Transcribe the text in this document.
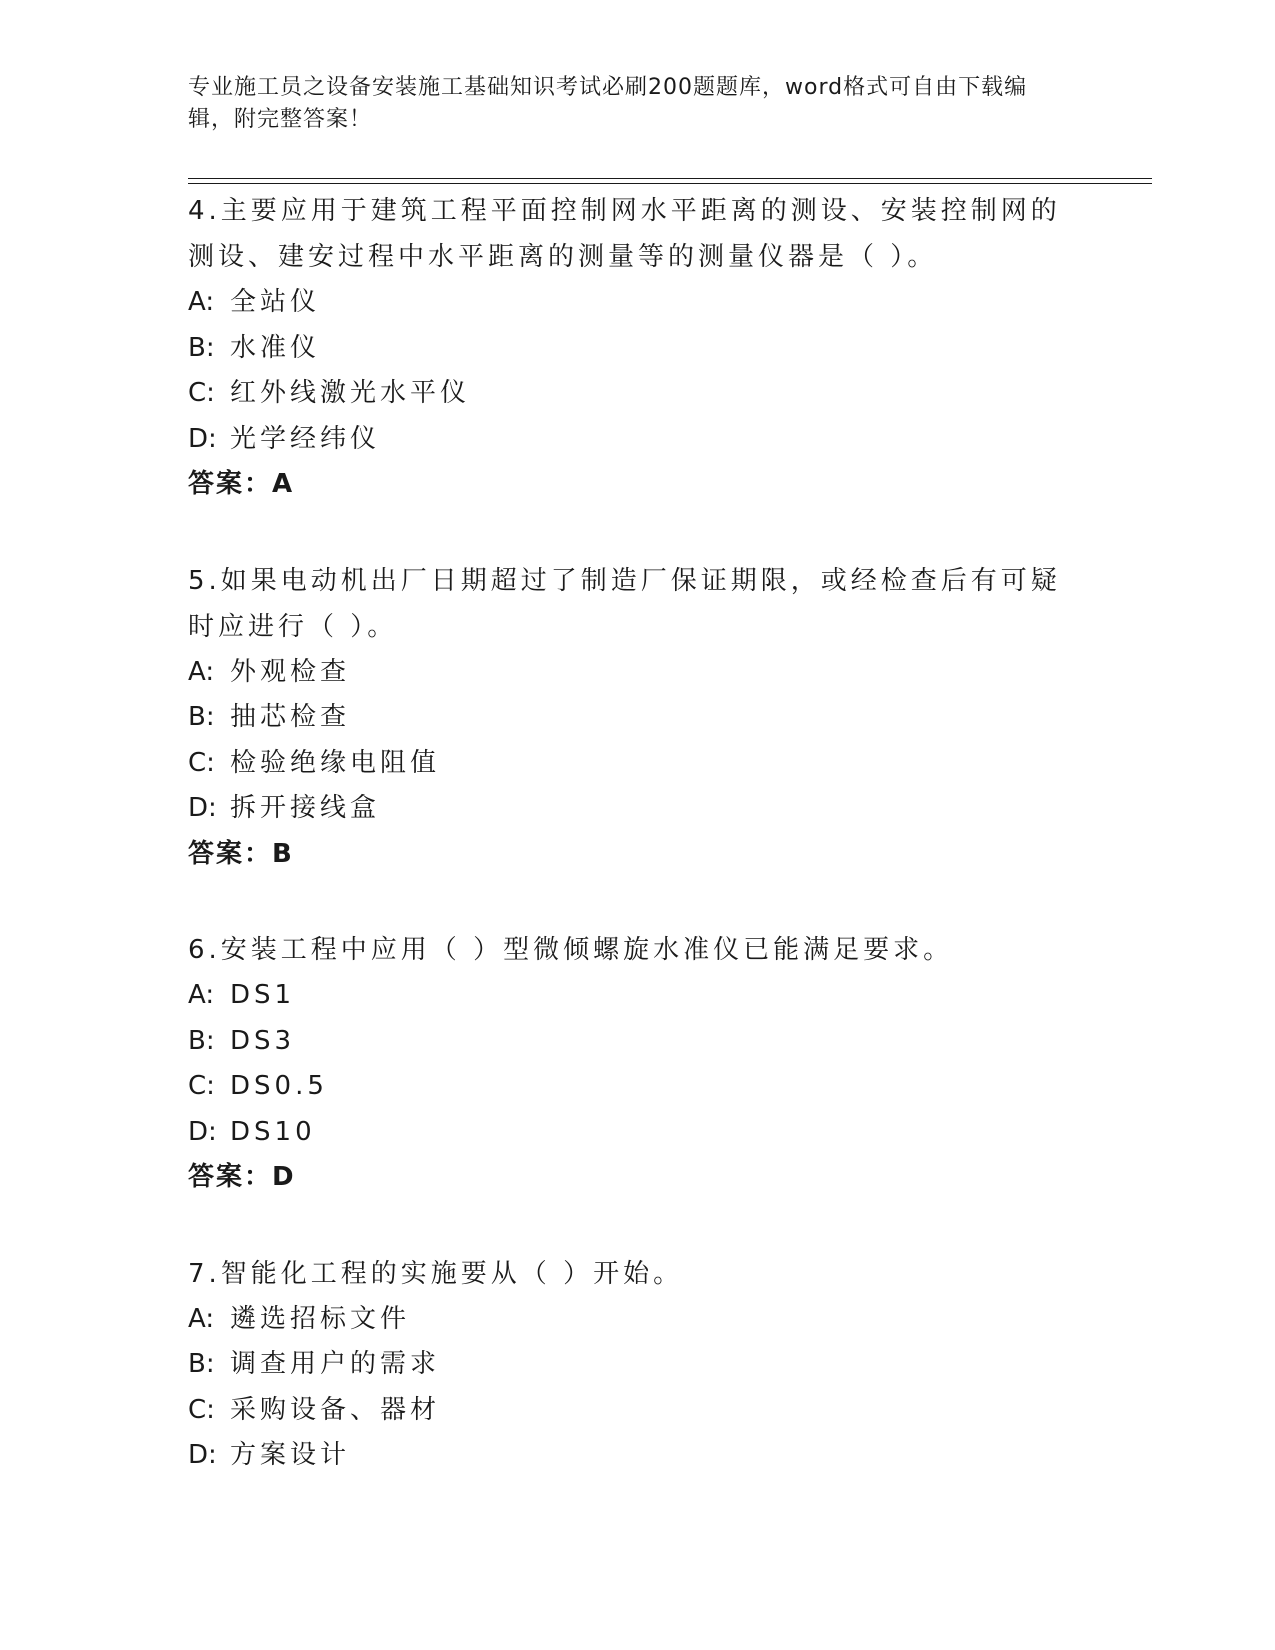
专业施工员之设备安装施工基础知识考试必刷200题题库，word格式可自由下载编辑，附完整答案！

4.主要应用于建筑工程平面控制网水平距离的测设、安装控制网的测设、建安过程中水平距离的测量等的测量仪器是（ ）。

A: 全站仪

B: 水准仪

C: 红外线激光水平仪

D: 光学经纬仪

答案：A

5.如果电动机出厂日期超过了制造厂保证期限，或经检查后有可疑时应进行（ ）。

A: 外观检查

B: 抽芯检查

C: 检验绝缘电阻值

D: 拆开接线盒

答案：B

6.安装工程中应用（ ）型微倾螺旋水准仪已能满足要求。

A: DS1

B: DS3

C: DS0.5

D: DS10

答案：D

7.智能化工程的实施要从（ ）开始。

A: 遴选招标文件

B: 调查用户的需求

C: 采购设备、器材

D: 方案设计
